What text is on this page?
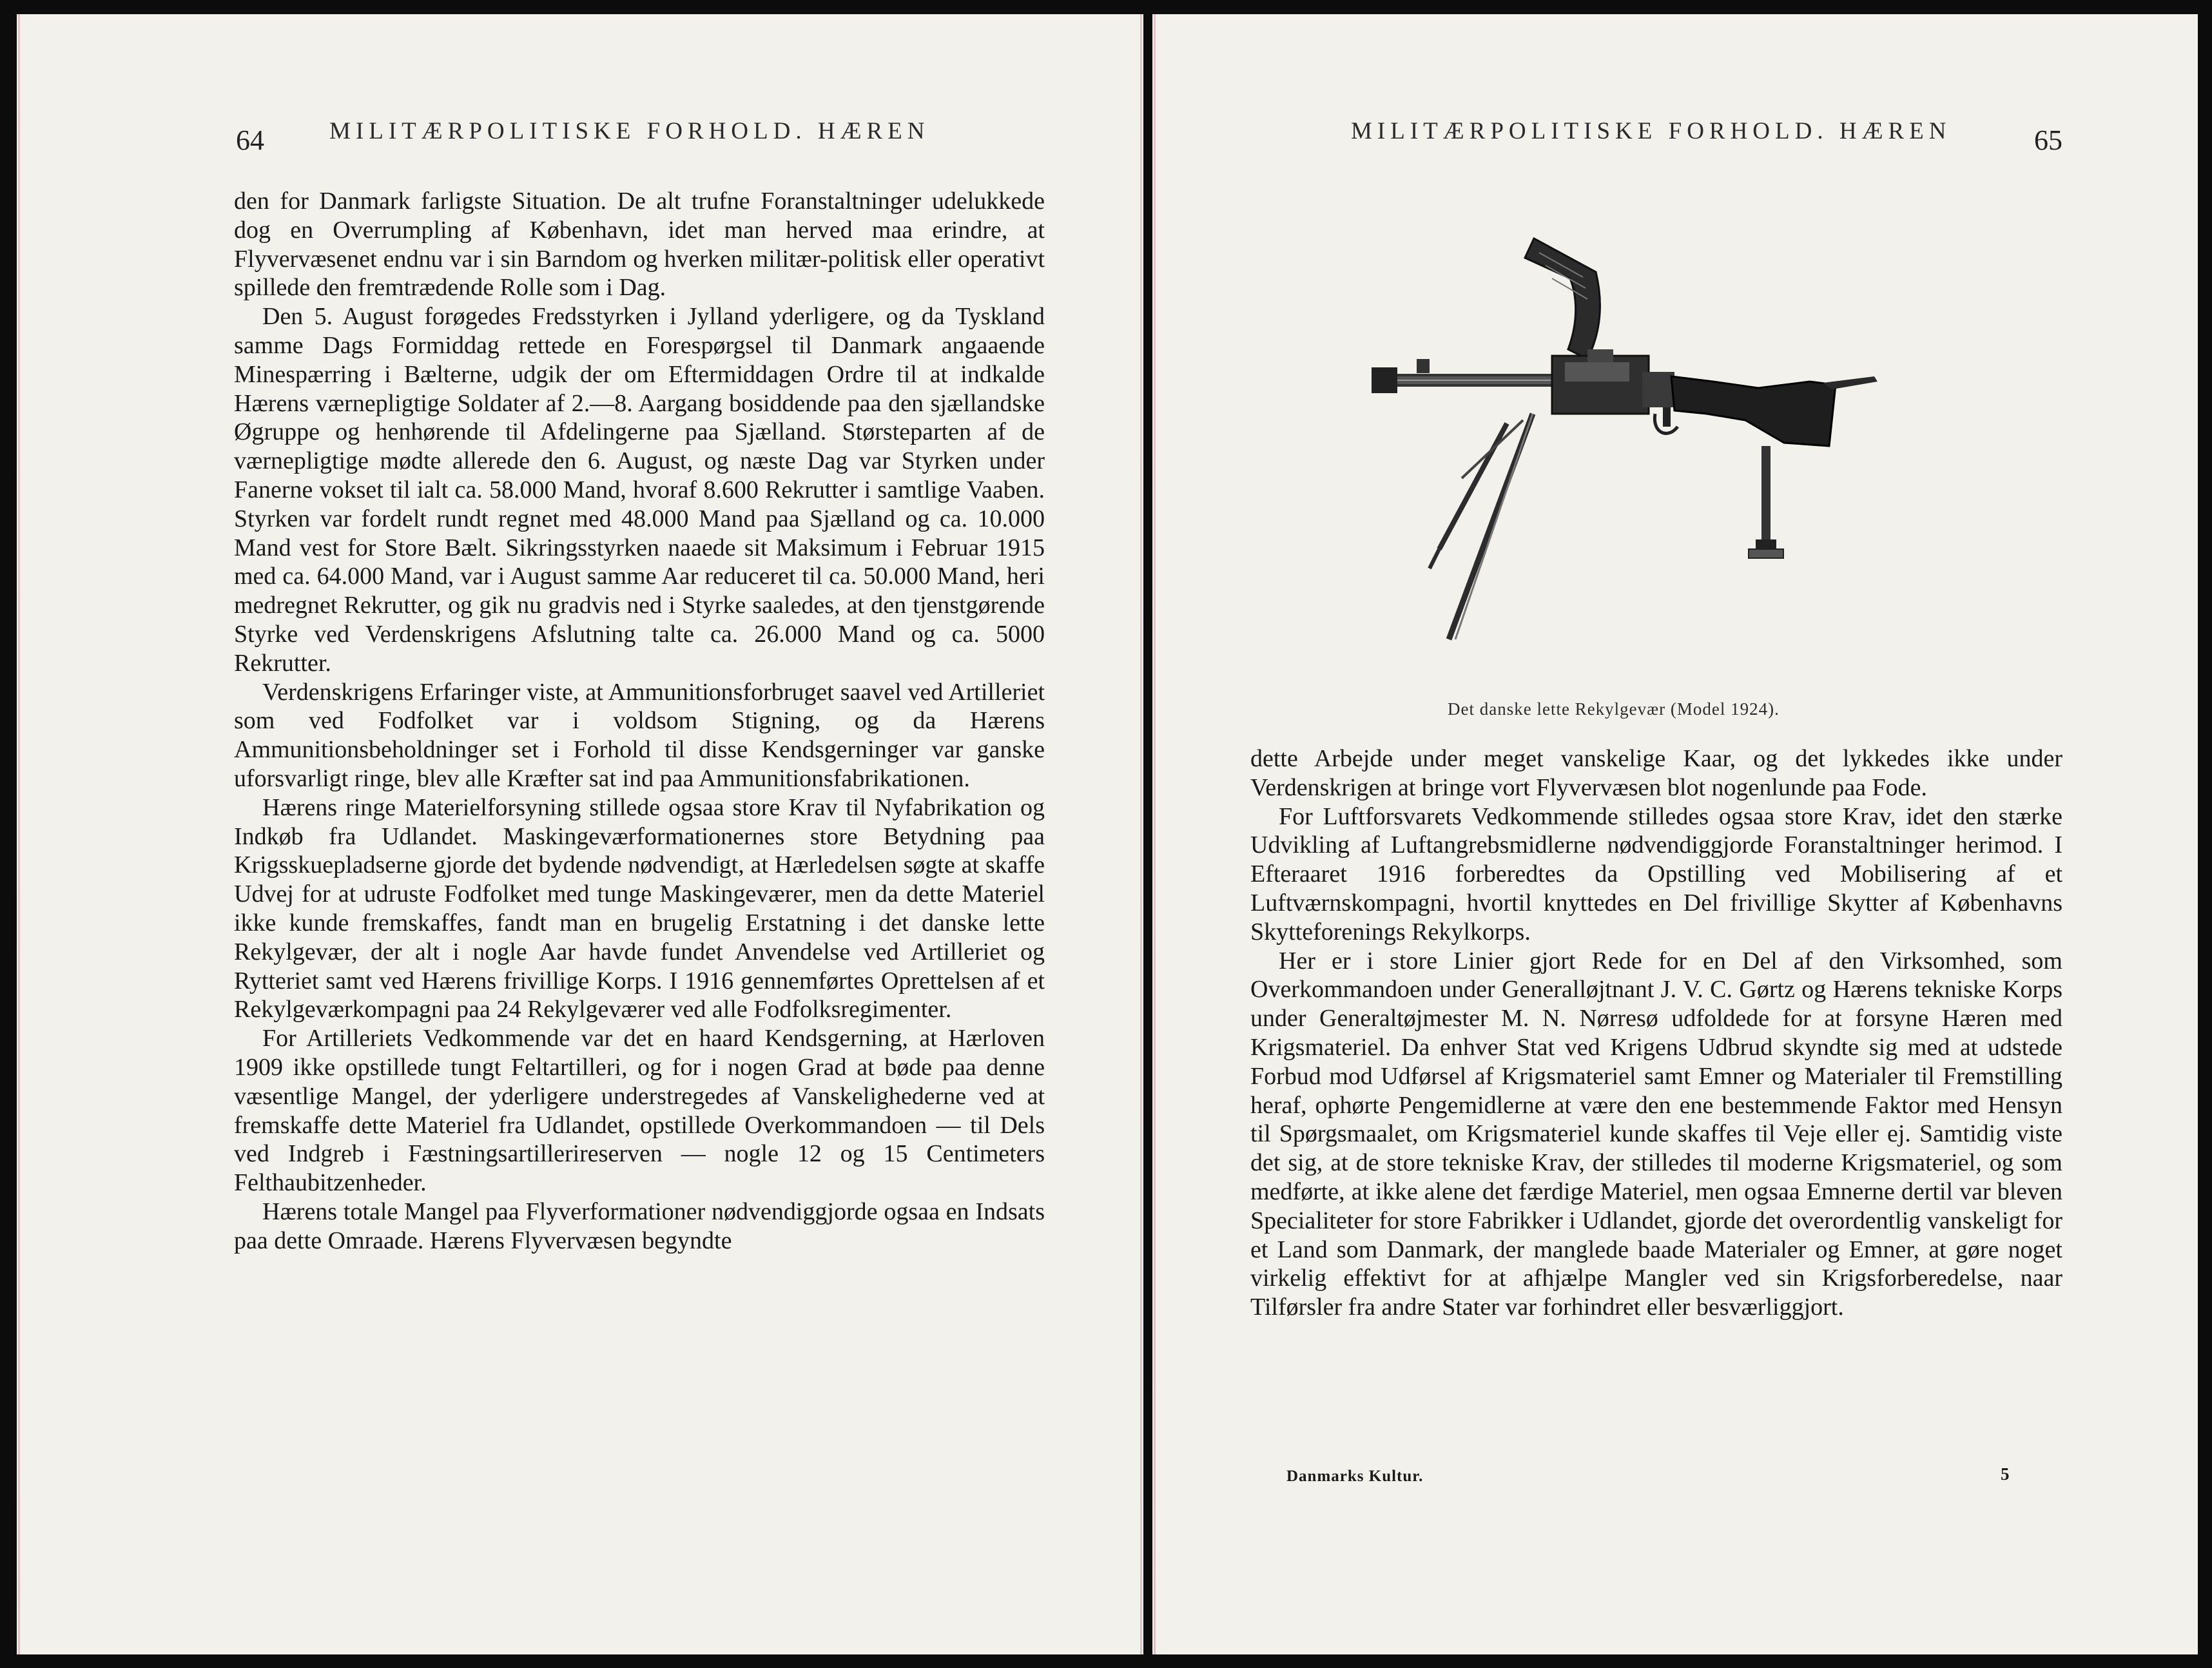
64	MILITÆRPOLITISKE FORHOLD. HÆREN

den for Danmark farligste Situation. De alt trufne Foranstaltninger udelukkede dog en Overrumpling af København, idet man herved maa erindre, at Flyvervæsenet endnu var i sin Barndom og hverken militær-politisk eller operativt spillede den fremtrædende Rolle som i Dag.

Den 5. August forøgedes Fredsstyrken i Jylland yderligere, og da Tyskland samme Dags Formiddag rettede en Forespørgsel til Danmark angaaende Minespærring i Bælterne, udgik der om Eftermiddagen Ordre til at indkalde Hærens værnepligtige Soldater af 2.—8. Aargang bosiddende paa den sjællandske Øgruppe og henhørende til Afdelingerne paa Sjælland. Størsteparten af de værnepligtige mødte allerede den 6. August, og næste Dag var Styrken under Fanerne vokset til ialt ca. 58.000 Mand, hvoraf 8.600 Rekrutter i samtlige Vaaben. Styrken var fordelt rundt regnet med 48.000 Mand paa Sjælland og ca. 10.000 Mand vest for Store Bælt. Sikringsstyrken naaede sit Maksimum i Februar 1915 med ca. 64.000 Mand, var i August samme Aar reduceret til ca. 50.000 Mand, heri medregnet Rekrutter, og gik nu gradvis ned i Styrke saaledes, at den tjenstgørende Styrke ved Verdenskrigens Afslutning talte ca. 26.000 Mand og ca. 5000 Rekrutter.

Verdenskrigens Erfaringer viste, at Ammunitionsforbruget saavel ved Artilleriet som ved Fodfolket var i voldsom Stigning, og da Hærens Ammunitionsbeholdninger set i Forhold til disse Kendsgerninger var ganske uforsvarligt ringe, blev alle Kræfter sat ind paa Ammunitionsfabrikationen.

Hærens ringe Materielforsyning stillede ogsaa store Krav til Nyfabrikation og Indkøb fra Udlandet. Maskingeværformationernes store Betydning paa Krigsskuepladserne gjorde det bydende nødvendigt, at Hærledelsen søgte at skaffe Udvej for at udruste Fodfolket med tunge Maskingeværer, men da dette Materiel ikke kunde fremskaffes, fandt man en brugelig Erstatning i det danske lette Rekylgevær, der alt i nogle Aar havde fundet Anvendelse ved Artilleriet og Rytteriet samt ved Hærens frivillige Korps. I 1916 gennemførtes Oprettelsen af et Rekylgeværkompagni paa 24 Rekylgeværer ved alle Fodfolksregimenter.

For Artilleriets Vedkommende var det en haard Kendsgerning, at Hærloven 1909 ikke opstillede tungt Feltartilleri, og for i nogen Grad at bøde paa denne væsentlige Mangel, der yderligere understregedes af Vanskelighederne ved at fremskaffe dette Materiel fra Udlandet, opstillede Overkommandoen — til Dels ved Indgreb i Fæstningsartillerireserven — nogle 12 og 15 Centimeters Felthaubitzenheder.

Hærens totale Mangel paa Flyverformationer nødvendiggjorde ogsaa en Indsats paa dette Omraade. Hærens Flyvervæsen begyndte

MILITÆRPOLITISKE FORHOLD. HÆREN	65
Det danske lette Rekylgevær (Model 1924).

dette Arbejde under meget vanskelige Kaar, og det lykkedes ikke under Verdenskrigen at bringe vort Flyvervæsen blot nogenlunde paa Fode.

For Luftforsvarets Vedkommende stilledes ogsaa store Krav, idet den stærke Udvikling af Luftangrebsmidlerne nødvendiggjorde Foranstaltninger herimod. I Efteraaret 1916 forberedtes da Opstilling ved Mobilisering af et Luftværnskompagni, hvortil knyttedes en Del frivillige Skytter af Københavns Skytteforenings Rekylkorps.

Her er i store Linier gjort Rede for en Del af den Virksomhed, som Overkommandoen under Generalløjtnant J. V. C. Gørtz og Hærens tekniske Korps under Generaltøjmester M. N. Nørresø udfoldede for at forsyne Hæren med Krigsmateriel. Da enhver Stat ved Krigens Udbrud skyndte sig med at udstede Forbud mod Udførsel af Krigsmateriel samt Emner og Materialer til Fremstilling heraf, ophørte Pengemidlerne at være den ene bestemmende Faktor med Hensyn til Spørgsmaalet, om Krigsmateriel kunde skaffes til Veje eller ej. Samtidig viste det sig, at de store tekniske Krav, der stilledes til moderne Krigsmateriel, og som medførte, at ikke alene det færdige Materiel, men ogsaa Emnerne dertil var bleven Specialiteter for store Fabrikker i Udlandet, gjorde det overordentlig vanskeligt for et Land som Danmark, der manglede baade Materialer og Emner, at gøre noget virkelig effektivt for at afhjælpe Mangler ved sin Krigsforberedelse, naar Tilførsler fra andre Stater var forhindret eller besværliggjort.

Danmarks Kultur.	5
